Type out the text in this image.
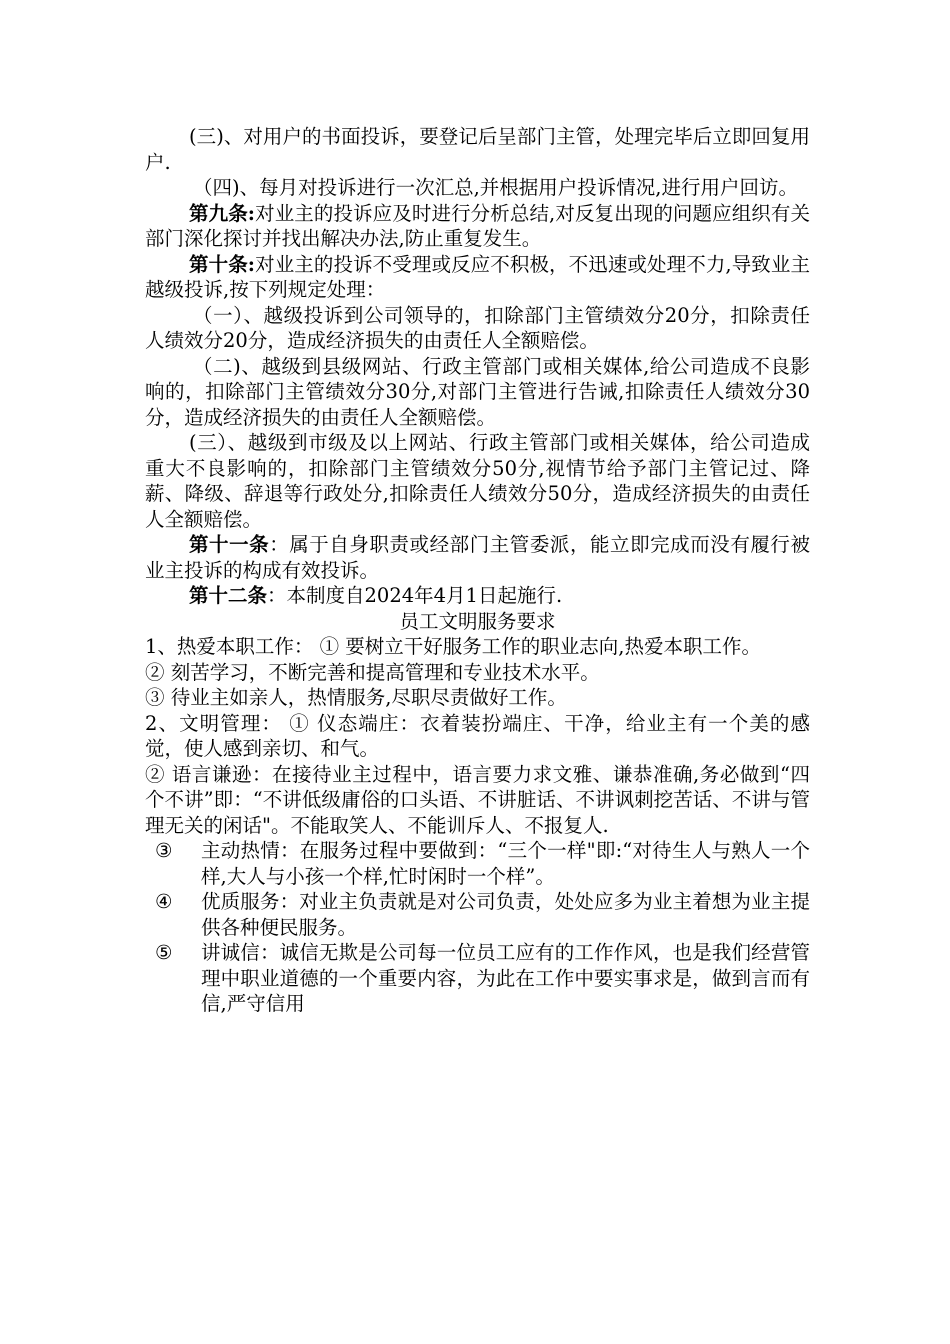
(三)、对用户的书面投诉，要登记后呈部门主管，处理完毕后立即回复用户.

（四)、每月对投诉进行一次汇总,并根据用户投诉情况,进行用户回访。

第九条:对业主的投诉应及时进行分析总结,对反复出现的问题应组织有关部门深化探讨并找出解决办法,防止重复发生。

第十条:对业主的投诉不受理或反应不积极，不迅速或处理不力,导致业主越级投诉,按下列规定处理：

（一）、越级投诉到公司领导的，扣除部门主管绩效分20分，扣除责任人绩效分20分，造成经济损失的由责任人全额赔偿。

（二)、越级到县级网站、行政主管部门或相关媒体,给公司造成不良影响的，扣除部门主管绩效分30分,对部门主管进行告诫,扣除责任人绩效分30分，造成经济损失的由责任人全额赔偿。

(三）、越级到市级及以上网站、行政主管部门或相关媒体，给公司造成重大不良影响的，扣除部门主管绩效分50分,视情节给予部门主管记过、降薪、降级、辞退等行政处分,扣除责任人绩效分50分，造成经济损失的由责任人全额赔偿。

第十一条：属于自身职责或经部门主管委派，能立即完成而没有履行被业主投诉的构成有效投诉。

第十二条：本制度自2024年4月1日起施行.

员工文明服务要求

1、热爱本职工作： ① 要树立干好服务工作的职业志向,热爱本职工作。

② 刻苦学习，不断完善和提高管理和专业技术水平。

③ 待业主如亲人，热情服务,尽职尽责做好工作。

2、文明管理： ① 仪态端庄：衣着装扮端庄、干净，给业主有一个美的感觉，使人感到亲切、和气。

② 语言谦逊：在接待业主过程中，语言要力求文雅、谦恭准确,务必做到“四个不讲”即：“不讲低级庸俗的口头语、不讲脏话、不讲讽刺挖苦话、不讲与管理无关的闲话"。不能取笑人、不能训斥人、不报复人.

③ 主动热情：在服务过程中要做到：“三个一样"即:“对待生人与熟人一个样,大人与小孩一个样,忙时闲时一个样”。
④ 优质服务：对业主负责就是对公司负责，处处应多为业主着想为业主提供各种便民服务。
⑤ 讲诚信：诚信无欺是公司每一位员工应有的工作作风，也是我们经营管理中职业道德的一个重要内容，为此在工作中要实事求是，做到言而有信,严守信用
